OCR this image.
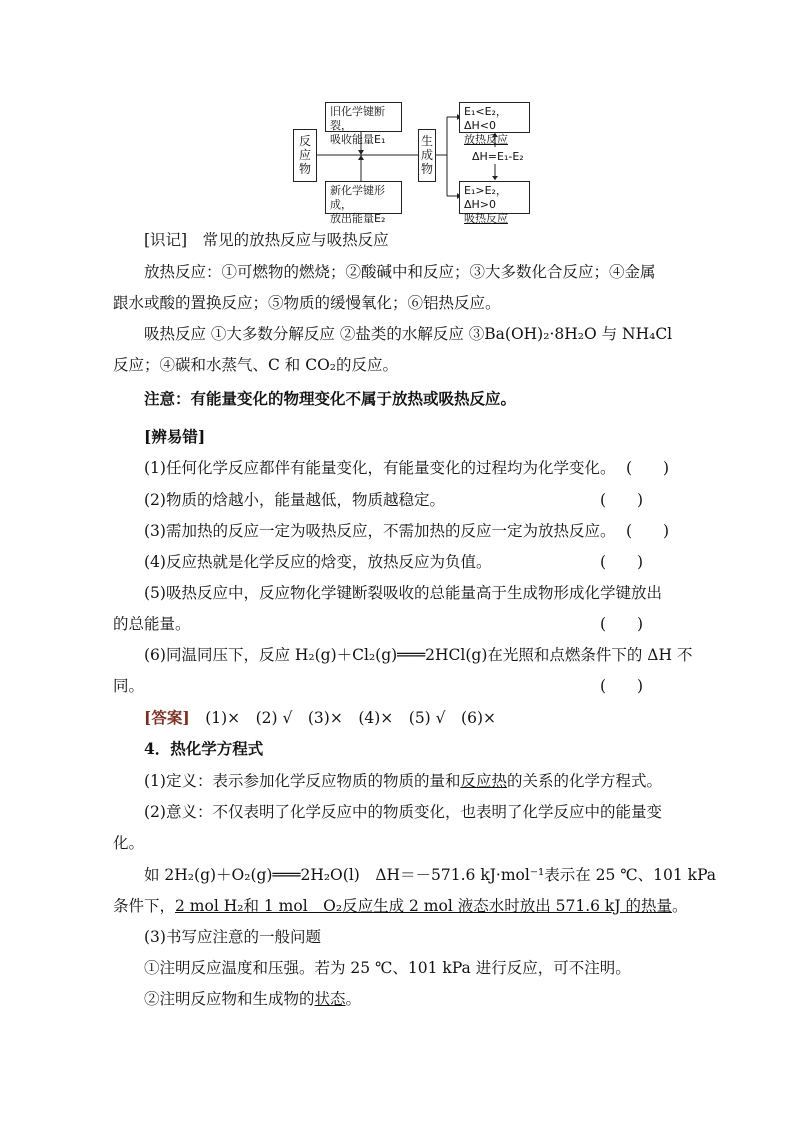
反应物
旧化学键断裂，
吸收能量E₁
新化学键形成，
放出能量E₂
生成物
E₁<E₂，ΔH<0
放热反应
ΔH=E₁-E₂
E₁>E₂，ΔH>0
吸热反应
[识记]　 常见的放热反应与吸热反应
放热反应：①可燃物的燃烧；②酸碱中和反应；③大多数化合反应；④金属
跟水或酸的置换反应；⑤物质的缓慢氧化；⑥铝热反应。
吸热反应 ①大多数分解反应 ②盐类的水解反应 ③Ba(OH)₂·8H₂O 与 NH₄Cl
反应；④碳和水蒸气、C 和 CO₂的反应。
注意：有能量变化的物理变化不属于放热或吸热反应。
[辨易错]
(1)任何化学反应都伴有能量变化，有能量变化的过程均为化学变化。 (　　)
(2)物质的焓越小，能量越低，物质越稳定。	(　　)
(3)需加热的反应一定为吸热反应，不需加热的反应一定为放热反应。 (　　)
(4)反应热就是化学反应的焓变，放热反应为负值。	(　　)
(5)吸热反应中，反应物化学键断裂吸收的总能量高于生成物形成化学键放出
的总能量。	(　　)
(6)同温同压下，反应 H₂(g)＋Cl₂(g)═══2HCl(g)在光照和点燃条件下的 ΔH 不
同。	(　　)
[答案]　 (1)×　(2) √　(3)×　(4)×　(5) √　(6)×
4．热化学方程式
(1)定义：表示参加化学反应物质的物质的量和反应热的关系的化学方程式。
(2)意义：不仅表明了化学反应中的物质变化，也表明了化学反应中的能量变
化。
如 2H₂(g)＋O₂(g)═══2H₂O(l)　ΔH＝－571.6 kJ·mol⁻¹表示在 25 ℃、101 kPa
条件下，2 mol H₂和 1 mol　O₂反应生成 2 mol 液态水时放出 571.6 kJ 的热量。
(3)书写应注意的一般问题
①注明反应温度和压强。若为 25 ℃、101 kPa 进行反应，可不注明。
②注明反应物和生成物的状态。
